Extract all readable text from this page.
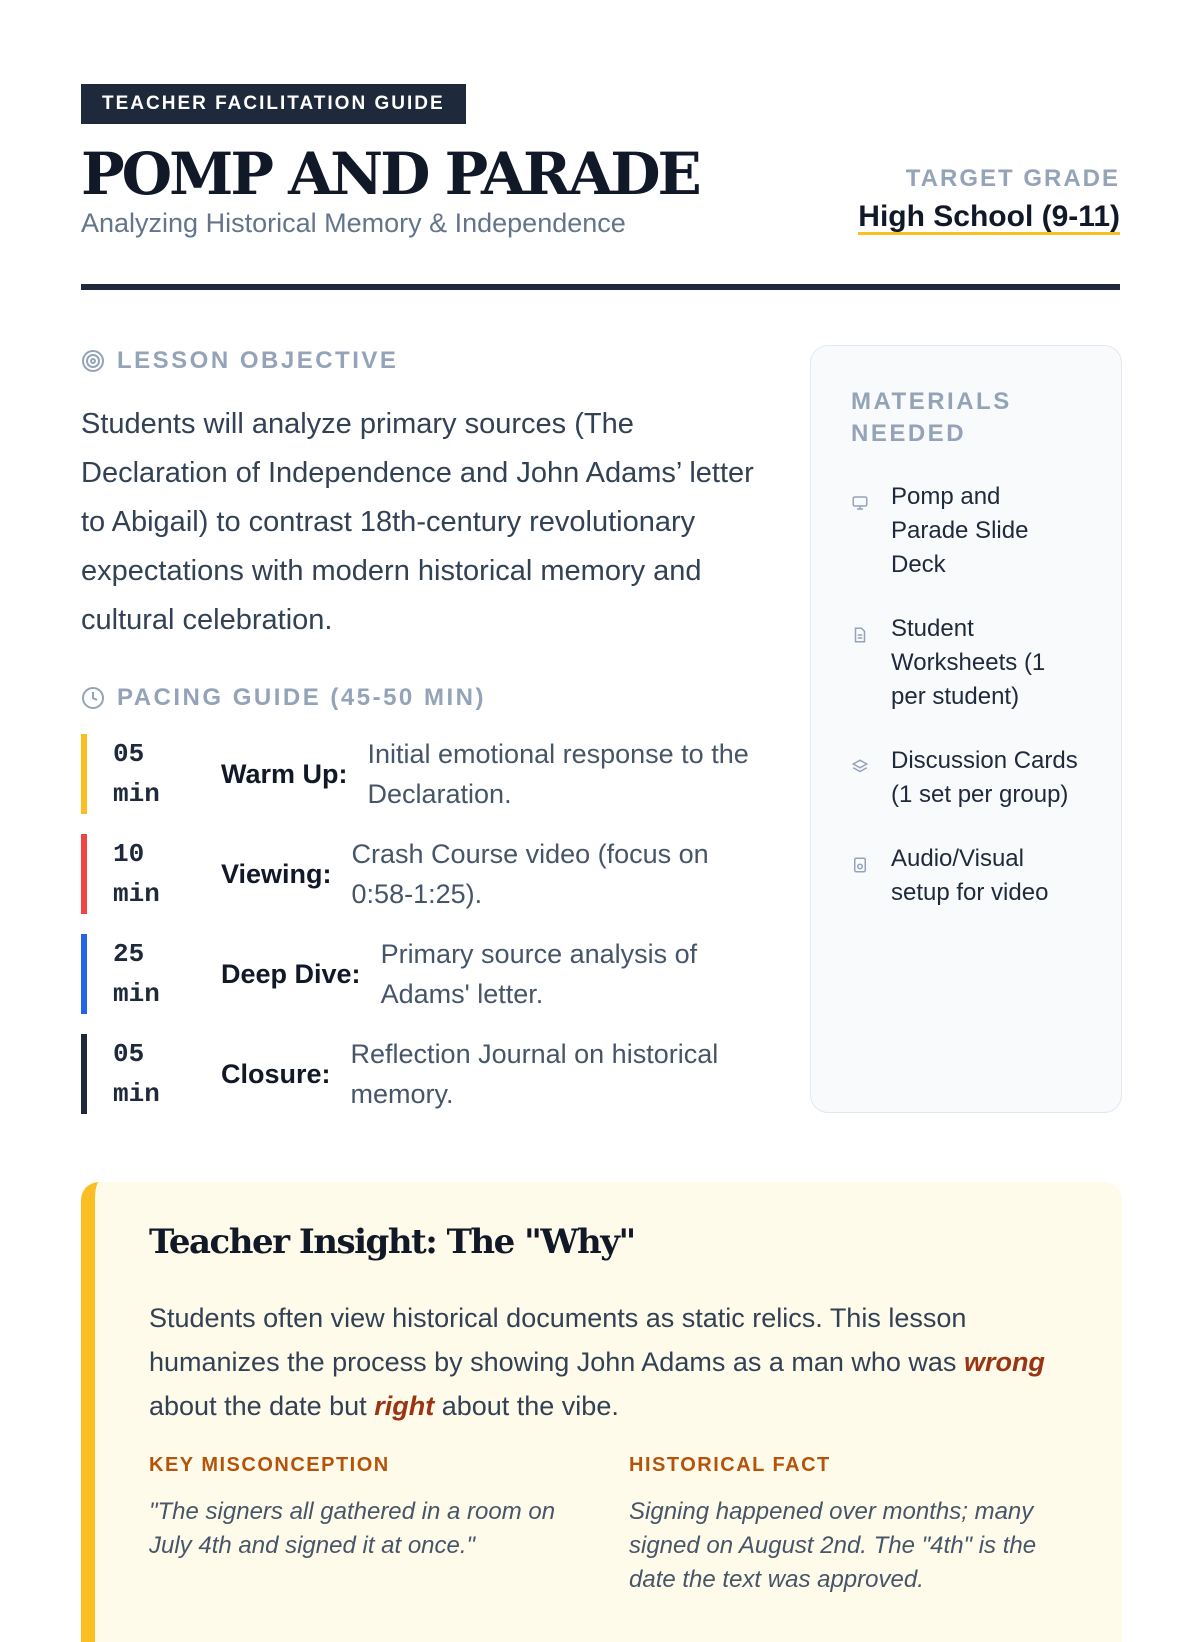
TEACHER FACILITATION GUIDE
POMP AND PARADE
Analyzing Historical Memory & Independence
TARGET GRADE
High School (9-11)
LESSON OBJECTIVE

Students will analyze primary sources (The Declaration of Independence and John Adams’ letter to Abigail) to contrast 18th-century revolutionary expectations with modern historical memory and cultural celebration.

PACING GUIDE (45-50 MIN)
05 min
Warm Up:
Initial emotional response to the Declaration.
10 min
Viewing:
Crash Course video (focus on 0:58-1:25).
25 min
Deep Dive:
Primary source analysis of Adams' letter.
05 min
Closure:
Reflection Journal on historical memory.
MATERIALS NEEDED
Pomp and Parade Slide Deck
Student Worksheets (1 per student)
Discussion Cards (1 set per group)
Audio/Visual setup for video
Teacher Insight: The "Why"

Students often view historical documents as static relics. This lesson humanizes the process by showing John Adams as a man who was wrong about the date but right about the vibe.

KEY MISCONCEPTION
"The signers all gathered in a room on July 4th and signed it at once."
HISTORICAL FACT
Signing happened over months; many signed on August 2nd. The "4th" is the date the text was approved.
